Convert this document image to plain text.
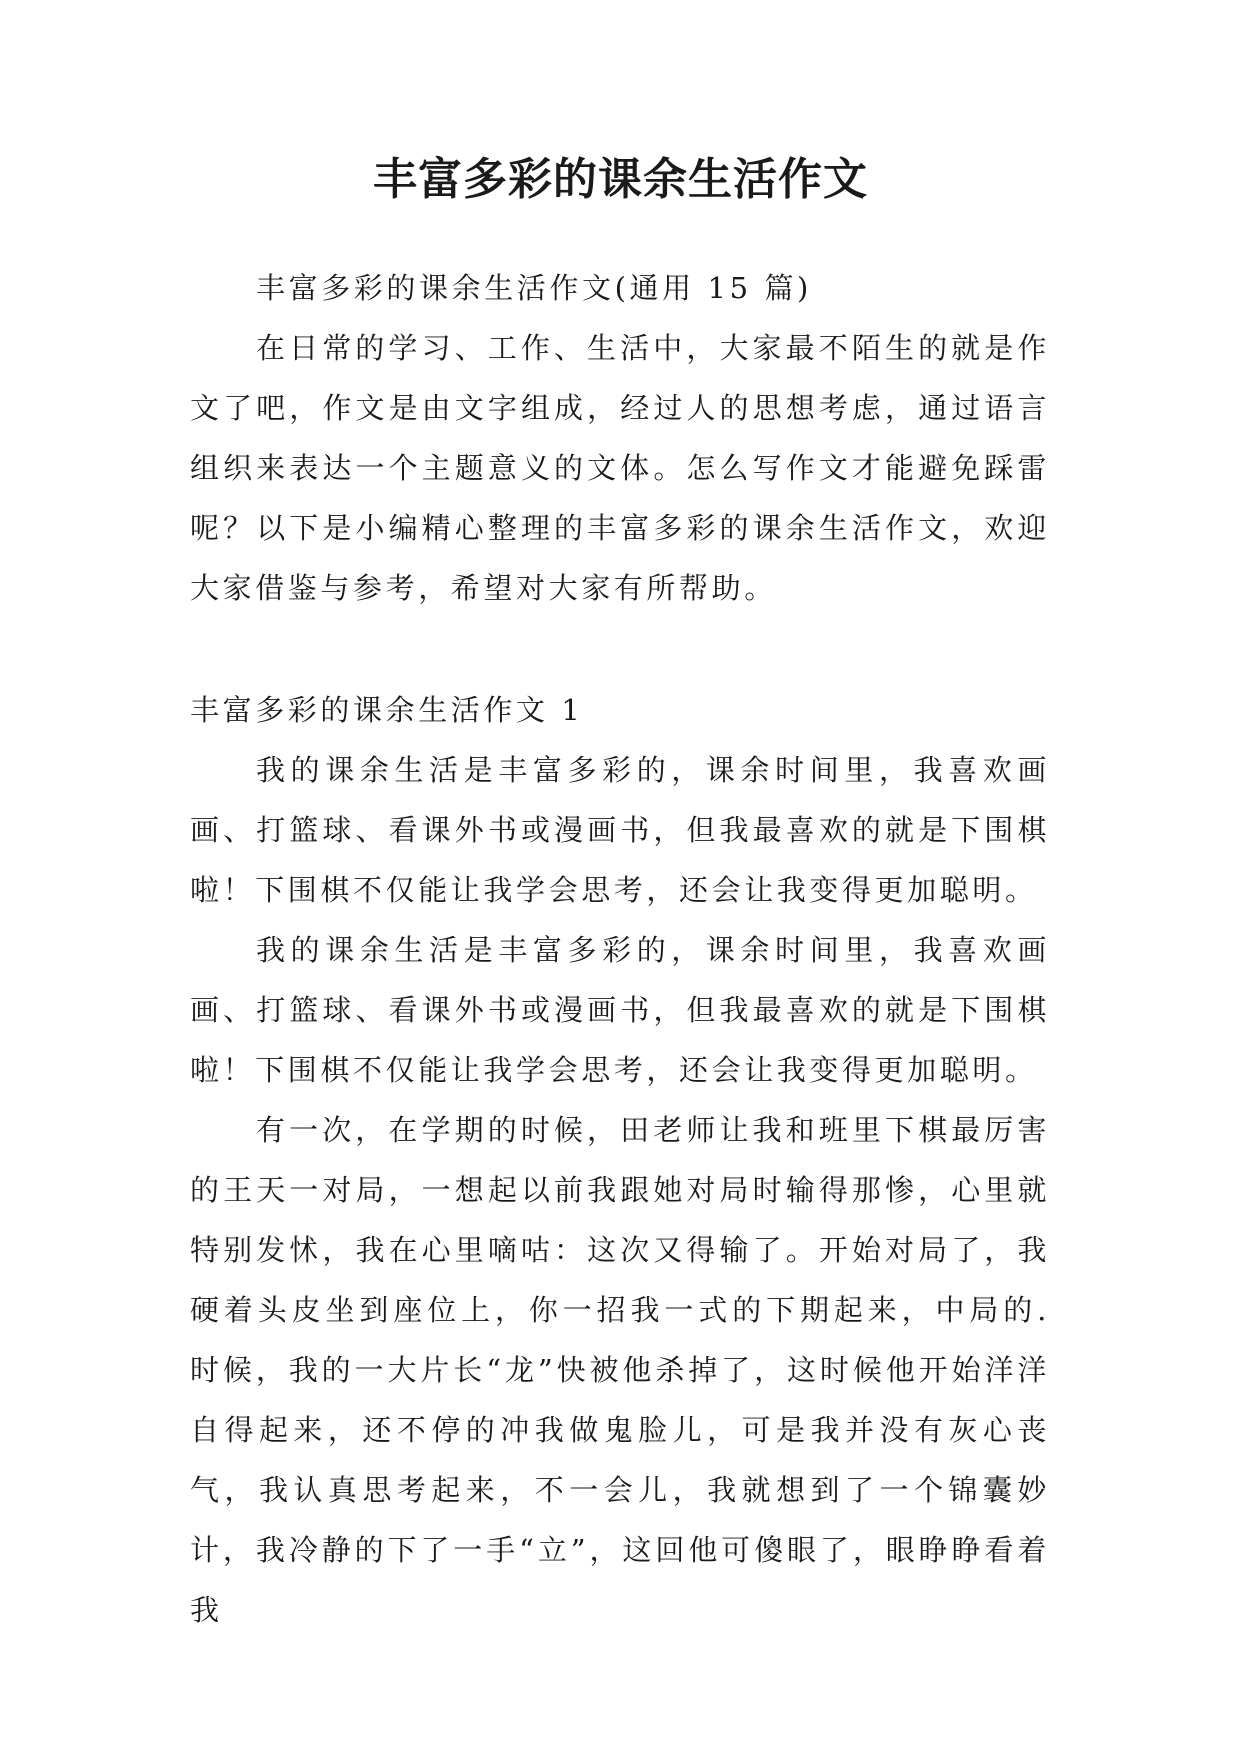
丰富多彩的课余生活作文

丰富多彩的课余生活作文(通用 15 篇)

在日常的学习、工作、生活中，大家最不陌生的就是作文了吧，作文是由文字组成，经过人的思想考虑，通过语言组织来表达一个主题意义的文体。怎么写作文才能避免踩雷呢？以下是小编精心整理的丰富多彩的课余生活作文，欢迎大家借鉴与参考，希望对大家有所帮助。

丰富多彩的课余生活作文 1

我的课余生活是丰富多彩的，课余时间里，我喜欢画画、打篮球、看课外书或漫画书，但我最喜欢的就是下围棋啦！下围棋不仅能让我学会思考，还会让我变得更加聪明。

我的课余生活是丰富多彩的，课余时间里，我喜欢画画、打篮球、看课外书或漫画书，但我最喜欢的就是下围棋啦！下围棋不仅能让我学会思考，还会让我变得更加聪明。

有一次，在学期的时候，田老师让我和班里下棋最厉害的王天一对局，一想起以前我跟她对局时输得那惨，心里就特别发怵，我在心里嘀咕：这次又得输了。开始对局了，我硬着头皮坐到座位上，你一招我一式的下期起来，中局的.时候，我的一大片长“龙”快被他杀掉了，这时候他开始洋洋自得起来，还不停的冲我做鬼脸儿，可是我并没有灰心丧气，我认真思考起来，不一会儿，我就想到了一个锦囊妙计，我冷静的下了一手“立”，这回他可傻眼了，眼睁睁看着我
